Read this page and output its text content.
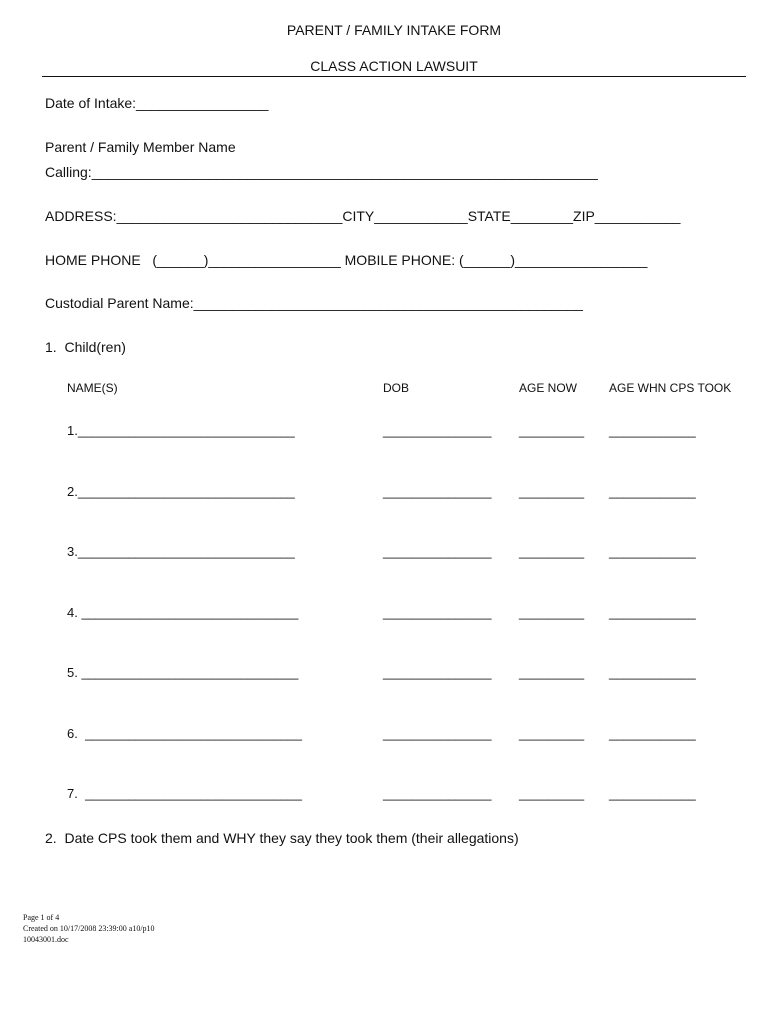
PARENT / FAMILY INTAKE FORM
CLASS ACTION LAWSUIT
Date of Intake:_________________
Parent / Family Member Name
Calling:_________________________________________________________________
ADDRESS:_____________________________CITY____________STATE________ZIP___________
HOME PHONE   (______)_________________ MOBILE PHONE: (______)_________________
Custodial Parent Name:__________________________________________________
1.  Child(ren)
NAME(S)	DOB	AGE NOW	AGE WHN CPS TOOK
1.______________________________	_______________ _________ ____________
2.______________________________	_______________ _________ ____________
3.______________________________	_______________ _________ ____________
4. ______________________________	_______________ _________ ____________
5. ______________________________	_______________ _________ ____________
6.  ______________________________	_______________ _________ ____________
7.  ______________________________	_______________ _________ ____________
2.  Date CPS took them and WHY they say they took them (their allegations)
Page 1 of 4
Created on 10/17/2008 23:39:00 a10/p10
10043001.doc
